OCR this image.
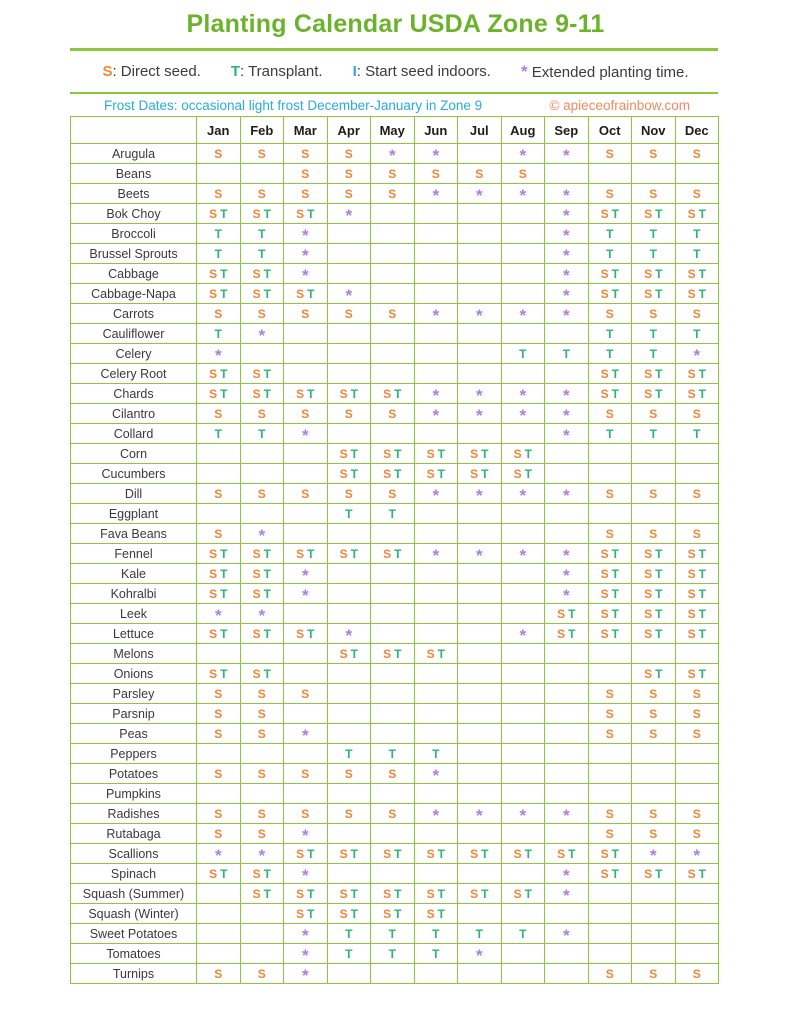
Planting Calendar USDA Zone 9-11
S: Direct seed. T: Transplant. I: Start seed indoors. * Extended planting time.
Frost Dates: occasional light frost December-January in Zone 9	© apieceofrainbow.com
	Jan	Feb	Mar	Apr	May	Jun	Jul	Aug	Sep	Oct	Nov	Dec
Arugula	S	S	S	S	*	*		*	*	S	S	S
Beans			S	S	S	S	S	S				
Beets	S	S	S	S	S	*	*	*	*	S	S	S
Bok Choy	S T	S T	S T	*					*	S T	S T	S T
Broccoli	T	T	*						*	T	T	T
Brussel Sprouts	T	T	*						*	T	T	T
Cabbage	S T	S T	*						*	S T	S T	S T
Cabbage-Napa	S T	S T	S T	*					*	S T	S T	S T
Carrots	S	S	S	S	S	*	*	*	*	S	S	S
Cauliflower	T	*								T	T	T
Celery	*							T	T	T	T	*
Celery Root	S T	S T								S T	S T	S T
Chards	S T	S T	S T	S T	S T	*	*	*	*	S T	S T	S T
Cilantro	S	S	S	S	S	*	*	*	*	S	S	S
Collard	T	T	*						*	T	T	T
Corn				S T	S T	S T	S T	S T				
Cucumbers				S T	S T	S T	S T	S T				
Dill	S	S	S	S	S	*	*	*	*	S	S	S
Eggplant				T	T							
Fava Beans	S	*								S	S	S
Fennel	S T	S T	S T	S T	S T	*	*	*	*	S T	S T	S T
Kale	S T	S T	*						*	S T	S T	S T
Kohralbi	S T	S T	*						*	S T	S T	S T
Leek	*	*							S T	S T	S T	S T
Lettuce	S T	S T	S T	*				*	S T	S T	S T	S T
Melons				S T	S T	S T						
Onions	S T	S T									S T	S T
Parsley	S	S	S							S	S	S
Parsnip	S	S								S	S	S
Peas	S	S	*							S	S	S
Peppers				T	T	T						
Potatoes	S	S	S	S	S	*						
Pumpkins												
Radishes	S	S	S	S	S	*	*	*	*	S	S	S
Rutabaga	S	S	*							S	S	S
Scallions	*	*	S T	S T	S T	S T	S T	S T	S T	S T	*	*
Spinach	S T	S T	*						*	S T	S T	S T
Squash (Summer)		S T	S T	S T	S T	S T	S T	S T	*			
Squash (Winter)			S T	S T	S T	S T						
Sweet Potatoes			*	T	T	T	T	T	*			
Tomatoes			*	T	T	T	*					
Turnips	S	S	*							S	S	S
